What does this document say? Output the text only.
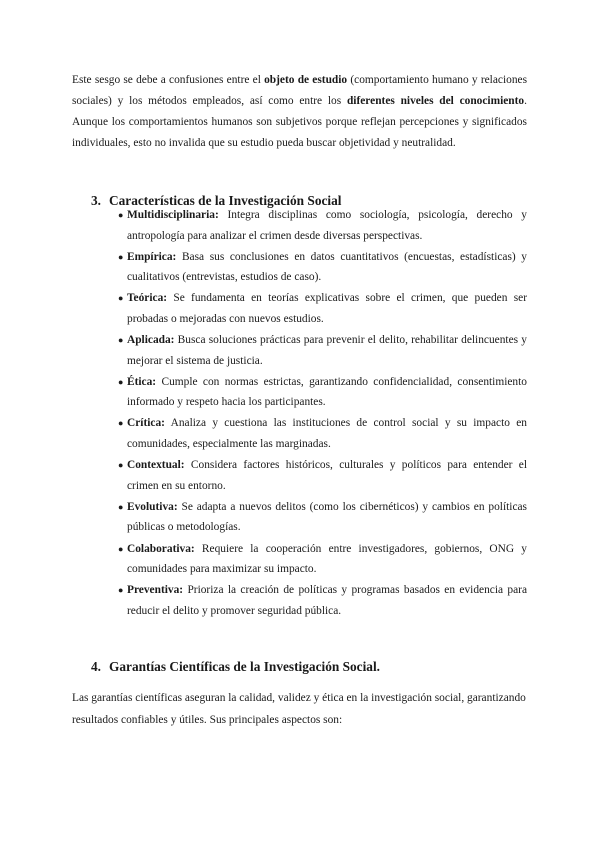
Este sesgo se debe a confusiones entre el objeto de estudio (comportamiento humano y relaciones sociales) y los métodos empleados, así como entre los diferentes niveles del conocimiento. Aunque los comportamientos humanos son subjetivos porque reflejan percepciones y significados individuales, esto no invalida que su estudio pueda buscar objetividad y neutralidad.

3. Características de la Investigación Social
● Multidisciplinaria: Integra disciplinas como sociología, psicología, derecho y antropología para analizar el crimen desde diversas perspectivas.
● Empírica: Basa sus conclusiones en datos cuantitativos (encuestas, estadísticas) y cualitativos (entrevistas, estudios de caso).
● Teórica: Se fundamenta en teorías explicativas sobre el crimen, que pueden ser probadas o mejoradas con nuevos estudios.
● Aplicada: Busca soluciones prácticas para prevenir el delito, rehabilitar delincuentes y mejorar el sistema de justicia.
● Ética: Cumple con normas estrictas, garantizando confidencialidad, consentimiento informado y respeto hacia los participantes.
● Crítica: Analiza y cuestiona las instituciones de control social y su impacto en comunidades, especialmente las marginadas.
● Contextual: Considera factores históricos, culturales y políticos para entender el crimen en su entorno.
● Evolutiva: Se adapta a nuevos delitos (como los cibernéticos) y cambios en políticas públicas o metodologías.
● Colaborativa: Requiere la cooperación entre investigadores, gobiernos, ONG y comunidades para maximizar su impacto.
● Preventiva: Prioriza la creación de políticas y programas basados en evidencia para reducir el delito y promover seguridad pública.
4. Garantías Científicas de la Investigación Social.

Las garantías científicas aseguran la calidad, validez y ética en la investigación social, garantizando resultados confiables y útiles. Sus principales aspectos son:
